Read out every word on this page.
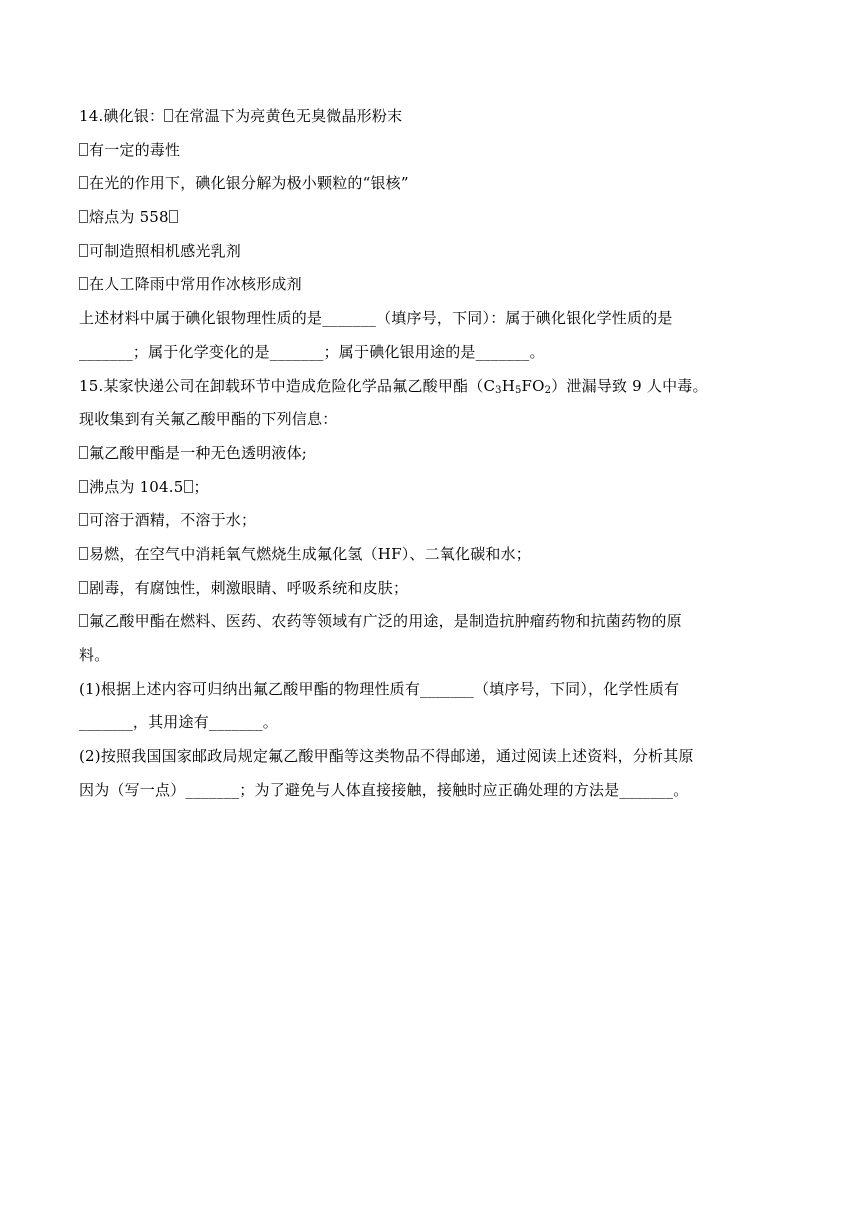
14.碘化银： 在常温下为亮黄色无臭微晶形粉末
有一定的毒性
在光的作用下，碘化银分解为极小颗粒的“银核”
熔点为 558
可制造照相机感光乳剂
在人工降雨中常用作冰核形成剂
上述材料中属于碘化银物理性质的是_______（填序号，下同）：属于碘化银化学性质的是
_______；属于化学变化的是_______；属于碘化银用途的是_______。
15.某家快递公司在卸载环节中造成危险化学品氟乙酸甲酯$(C_3H_5FO_2)$泄漏导致 9 人中毒。
现收集到有关氟乙酸甲酯的下列信息：
氟乙酸甲酯是一种无色透明液体;
沸点为 104.5 ；
可溶于酒精，不溶于水；
易燃，在空气中消耗氧气燃烧生成氟化氢（HF）、二氧化碳和水；
剧毒，有腐蚀性，刺激眼睛、呼吸系统和皮肤；
氟乙酸甲酯在燃料、医药、农药等领域有广泛的用途，是制造抗肿瘤药物和抗菌药物的原
料。
(1)根据上述内容可归纳出氟乙酸甲酯的物理性质有_______（填序号，下同），化学性质有
_______，其用途有_______。
(2)按照我国国家邮政局规定氟乙酸甲酯等这类物品不得邮递，通过阅读上述资料，分析其原
因为（写一点）_______；为了避免与人体直接接触，接触时应正确处理的方法是_______。
